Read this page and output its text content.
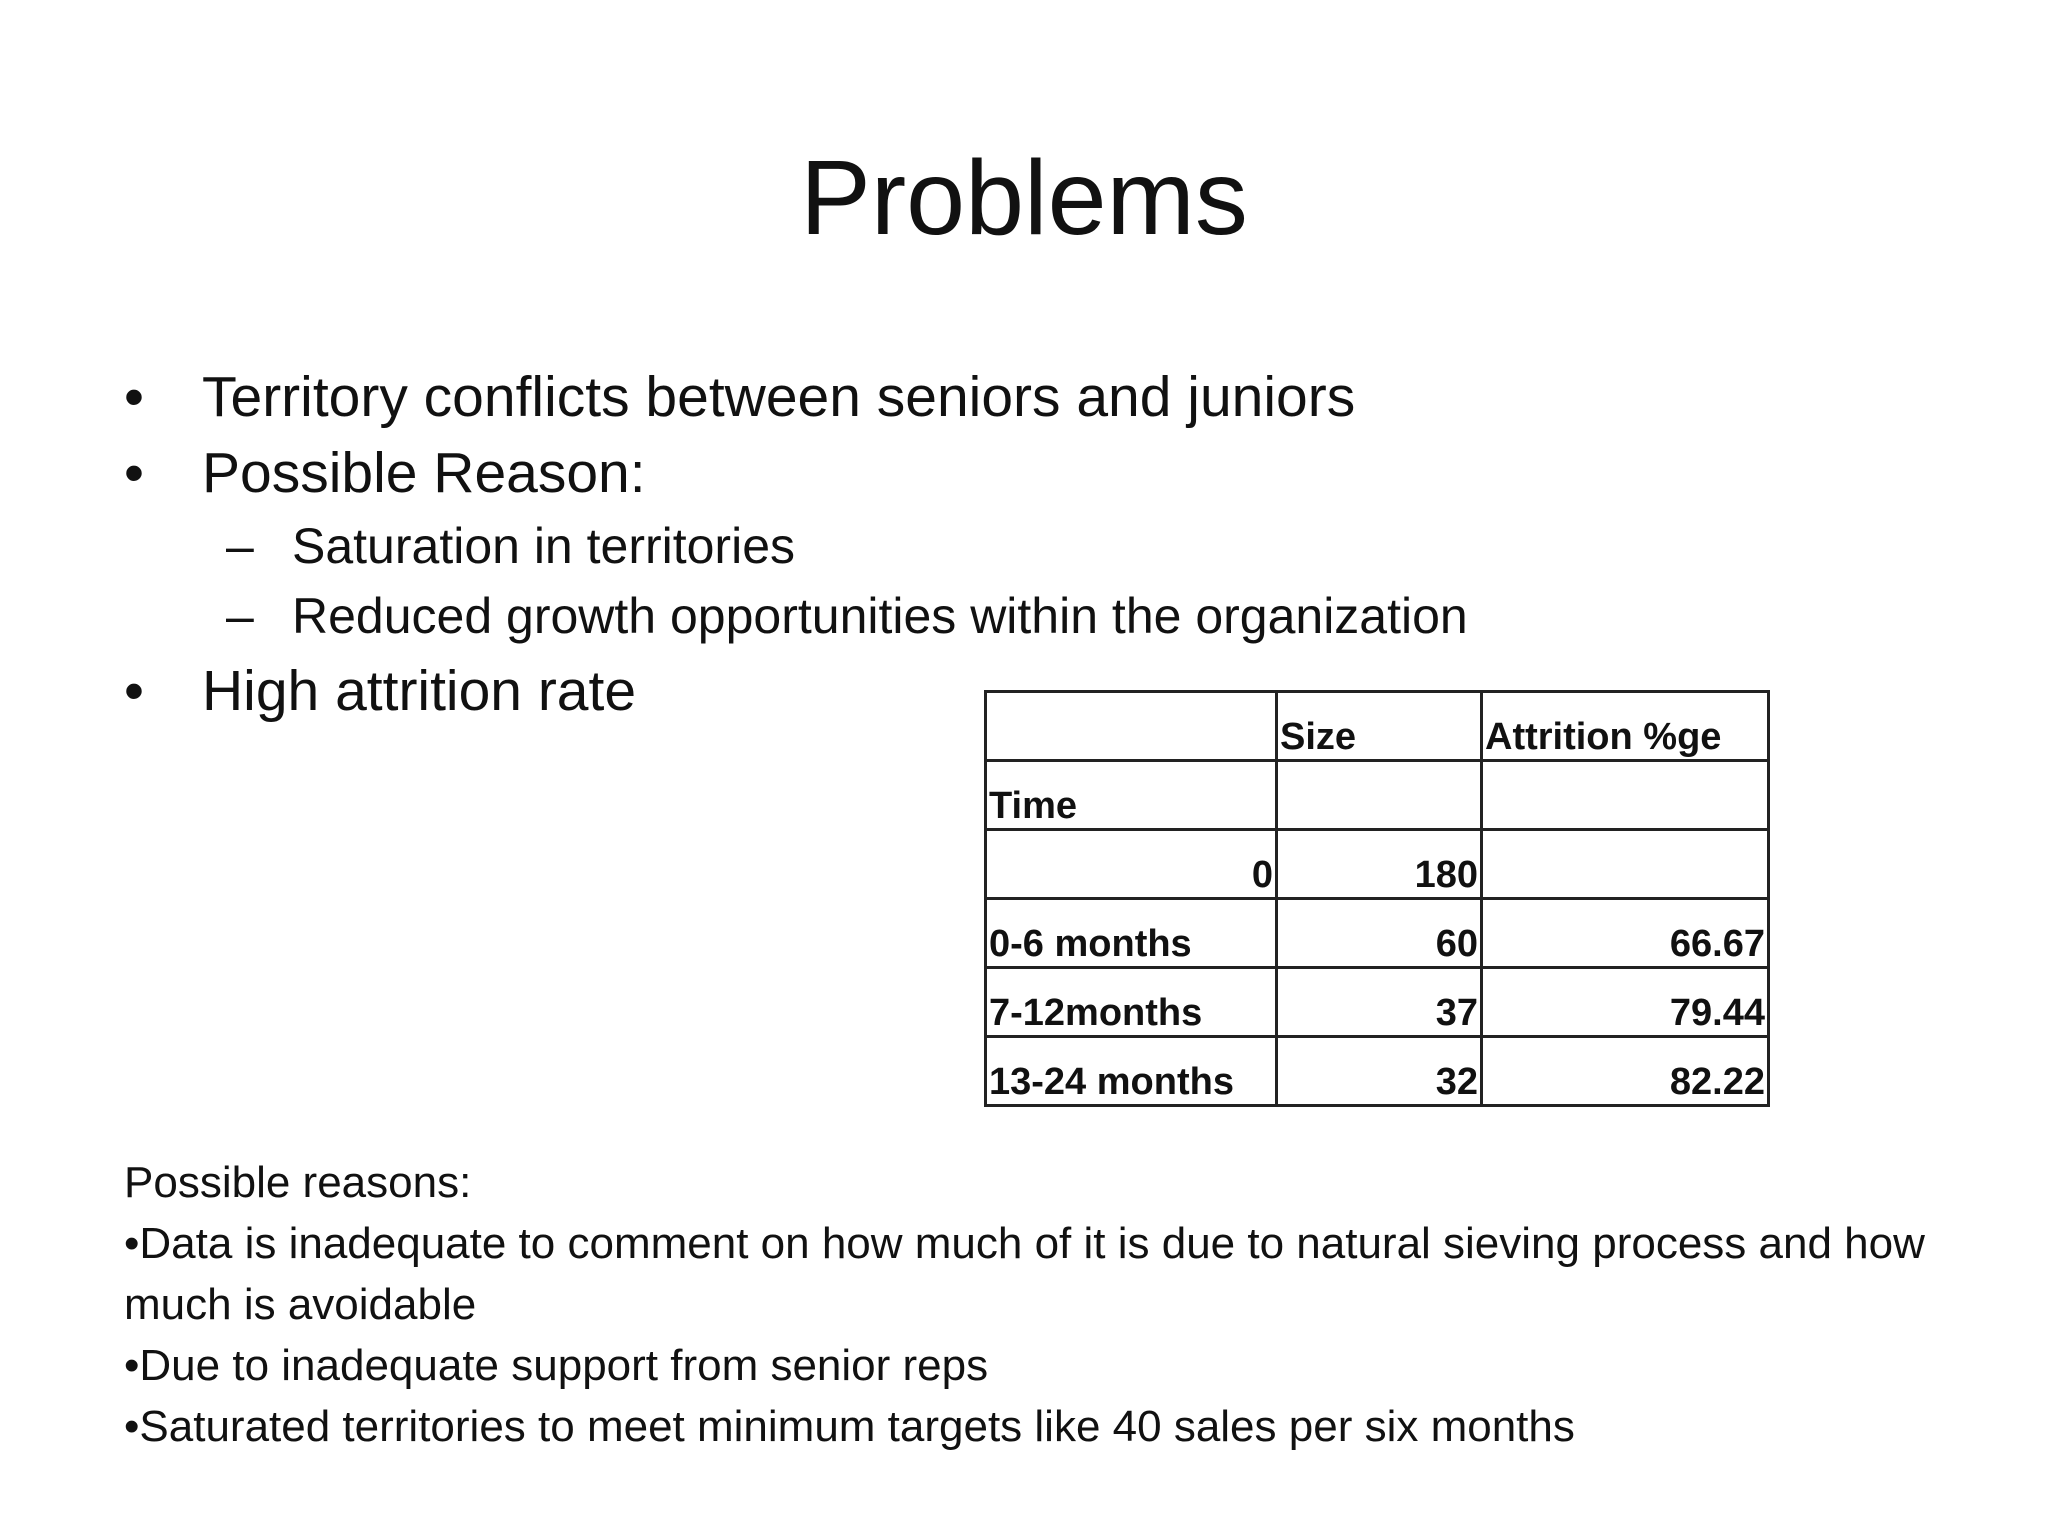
Problems
• Territory conflicts between seniors and juniors
• Possible Reason:
– Saturation in territories
– Reduced growth opportunities within the organization
• High attrition rate
	Size	Attrition %ge
Time		
0	180	
0-6 months	60	66.67
7-12months	37	79.44
13-24 months	32	82.22
Possible reasons:
•Data is inadequate to comment on how much of it is due to natural sieving process and how much is avoidable
•Due to inadequate support from senior reps
•Saturated territories to meet minimum targets like 40 sales per six months
